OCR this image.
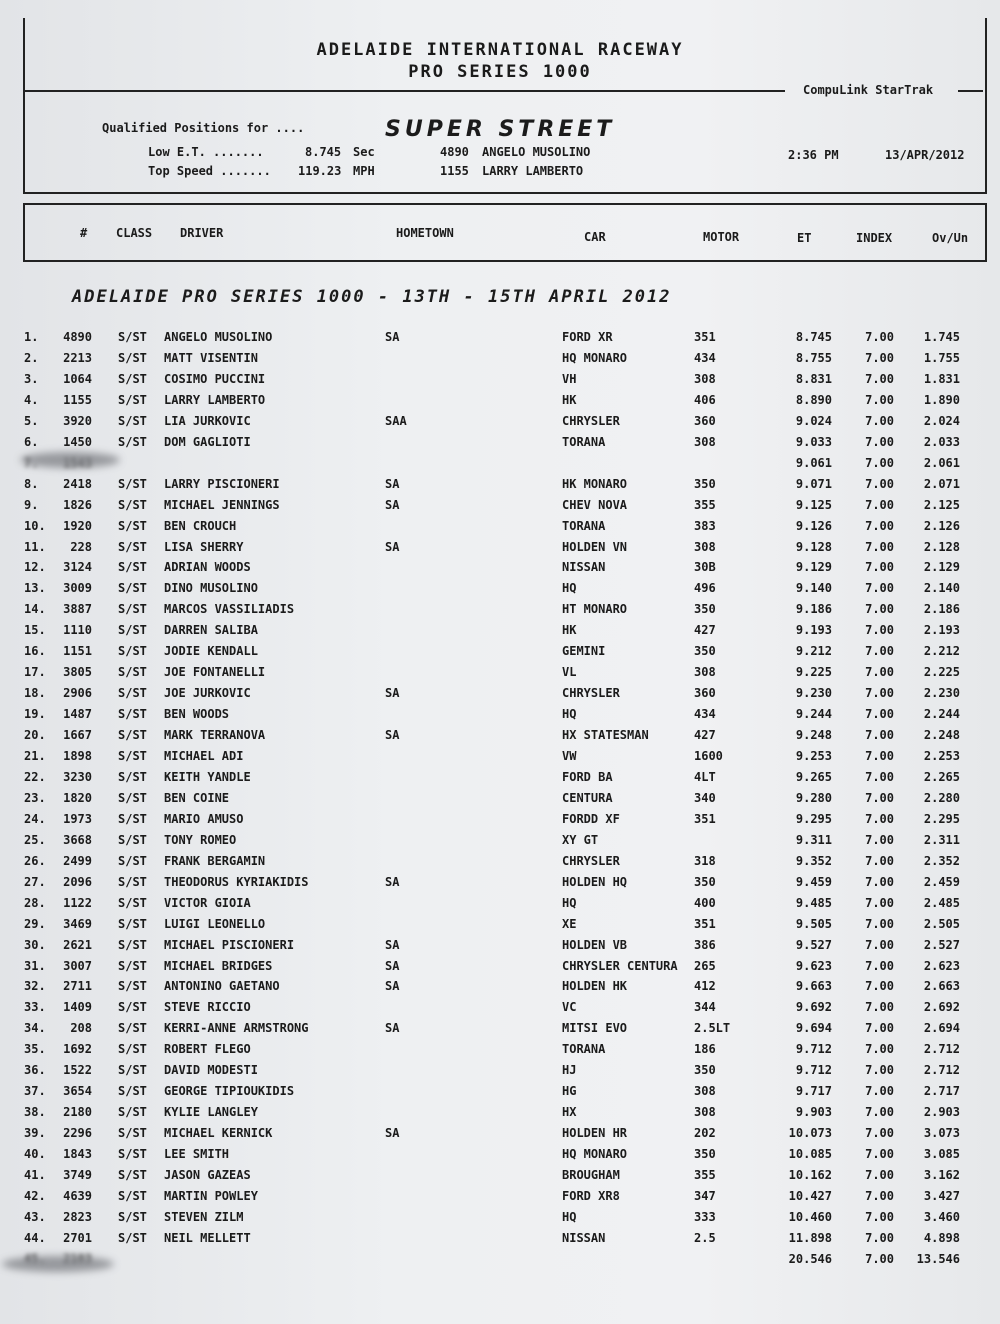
ADELAIDE INTERNATIONAL RACEWAY
PRO SERIES 1000
CompuLink StarTrak
Qualified Positions for ....	SUPER STREET
Low E.T. .......	8.745 Sec	4890 ANGELO MUSOLINO	2:36 PM	13/APR/2012
Top Speed ....... 119.23 MPH	1155 LARRY LAMBERTO
# CLASS DRIVER	HOMETOWN	CAR	MOTOR	ET	INDEX	Ov/Un
ADELAIDE PRO SERIES 1000 - 13TH - 15TH APRIL 2012
1.	4890 S/ST ANGELO MUSOLINO	SA	FORD XR	351	8.745	7.00	1.745
2.	2213 S/ST MATT VISENTIN	HQ MONARO	434	8.755	7.00	1.755
3.	1064 S/ST COSIMO PUCCINI	VH	308	8.831	7.00	1.831
4.	1155 S/ST LARRY LAMBERTO	HK	406	8.890	7.00	1.890
5.	3920 S/ST LIA JURKOVIC	SAA	CHRYSLER	360	9.024	7.00	2.024
6.	1450 S/ST DOM GAGLIOTI	TORANA	308	9.033	7.00	2.033
9.061	7.00	2.061
8.	2418 S/ST LARRY PISCIONERI	SA	HK MONARO	350	9.071	7.00	2.071
9.	1826 S/ST MICHAEL JENNINGS	SA	CHEV NOVA	355	9.125	7.00	2.125
10.	1920 S/ST BEN CROUCH	TORANA	383	9.126	7.00	2.126
11.	228 S/ST LISA SHERRY	SA	HOLDEN VN	308	9.128	7.00	2.128
12.	3124 S/ST ADRIAN WOODS	NISSAN	30B	9.129	7.00	2.129
13.	3009 S/ST DINO MUSOLINO	HQ	496	9.140	7.00	2.140
14.	3887 S/ST MARCOS VASSILIADIS	HT MONARO	350	9.186	7.00	2.186
15.	1110 S/ST DARREN SALIBA	HK	427	9.193	7.00	2.193
16.	1151 S/ST JODIE KENDALL	GEMINI	350	9.212	7.00	2.212
17.	3805 S/ST JOE FONTANELLI	VL	308	9.225	7.00	2.225
18.	2906 S/ST JOE JURKOVIC	SA	CHRYSLER	360	9.230	7.00	2.230
19.	1487 S/ST BEN WOODS	HQ	434	9.244	7.00	2.244
20.	1667 S/ST MARK TERRANOVA	SA	HX STATESMAN	427	9.248	7.00	2.248
21.	1898 S/ST MICHAEL ADI	VW	1600	9.253	7.00	2.253
22.	3230 S/ST KEITH YANDLE	FORD BA	4LT	9.265	7.00	2.265
23.	1820 S/ST BEN COINE	CENTURA	340	9.280	7.00	2.280
24.	1973 S/ST MARIO AMUSO	FORDD XF	351	9.295	7.00	2.295
25.	3668 S/ST TONY ROMEO	XY GT	9.311	7.00	2.311
26.	2499 S/ST FRANK BERGAMIN	CHRYSLER	318	9.352	7.00	2.352
27.	2096 S/ST THEODORUS KYRIAKIDIS	SA	HOLDEN HQ	350	9.459	7.00	2.459
28.	1122 S/ST VICTOR GIOIA	HQ	400	9.485	7.00	2.485
29.	3469 S/ST LUIGI LEONELLO	XE	351	9.505	7.00	2.505
30.	2621 S/ST MICHAEL PISCIONERI	SA	HOLDEN VB	386	9.527	7.00	2.527
31.	3007 S/ST MICHAEL BRIDGES	SA	CHRYSLER CENTURA 265	9.623	7.00	2.623
32.	2711 S/ST ANTONINO GAETANO	SA	HOLDEN HK	412	9.663	7.00	2.663
33.	1409 S/ST STEVE RICCIO	VC	344	9.692	7.00	2.692
34.	208 S/ST KERRI-ANNE ARMSTRONG	SA	MITSI EVO	2.5LT	9.694	7.00	2.694
35.	1692 S/ST ROBERT FLEGO	TORANA	186	9.712	7.00	2.712
36.	1522 S/ST DAVID MODESTI	HJ	350	9.712	7.00	2.712
37.	3654 S/ST GEORGE TIPIOUKIDIS	HG	308	9.717	7.00	2.717
38.	2180 S/ST KYLIE LANGLEY	HX	308	9.903	7.00	2.903
39.	2296 S/ST MICHAEL KERNICK	SA	HOLDEN HR	202	10.073	7.00	3.073
40.	1843 S/ST LEE SMITH	HQ MONARO	350	10.085	7.00	3.085
41.	3749 S/ST JASON GAZEAS	BROUGHAM	355	10.162	7.00	3.162
42.	4639 S/ST MARTIN POWLEY	FORD XR8	347	10.427	7.00	3.427
43.	2823 S/ST STEVEN ZILM	HQ	333	10.460	7.00	3.460
44.	2701 S/ST NEIL MELLETT	NISSAN	2.5	11.898	7.00	4.898
20.546	7.00	13.546
